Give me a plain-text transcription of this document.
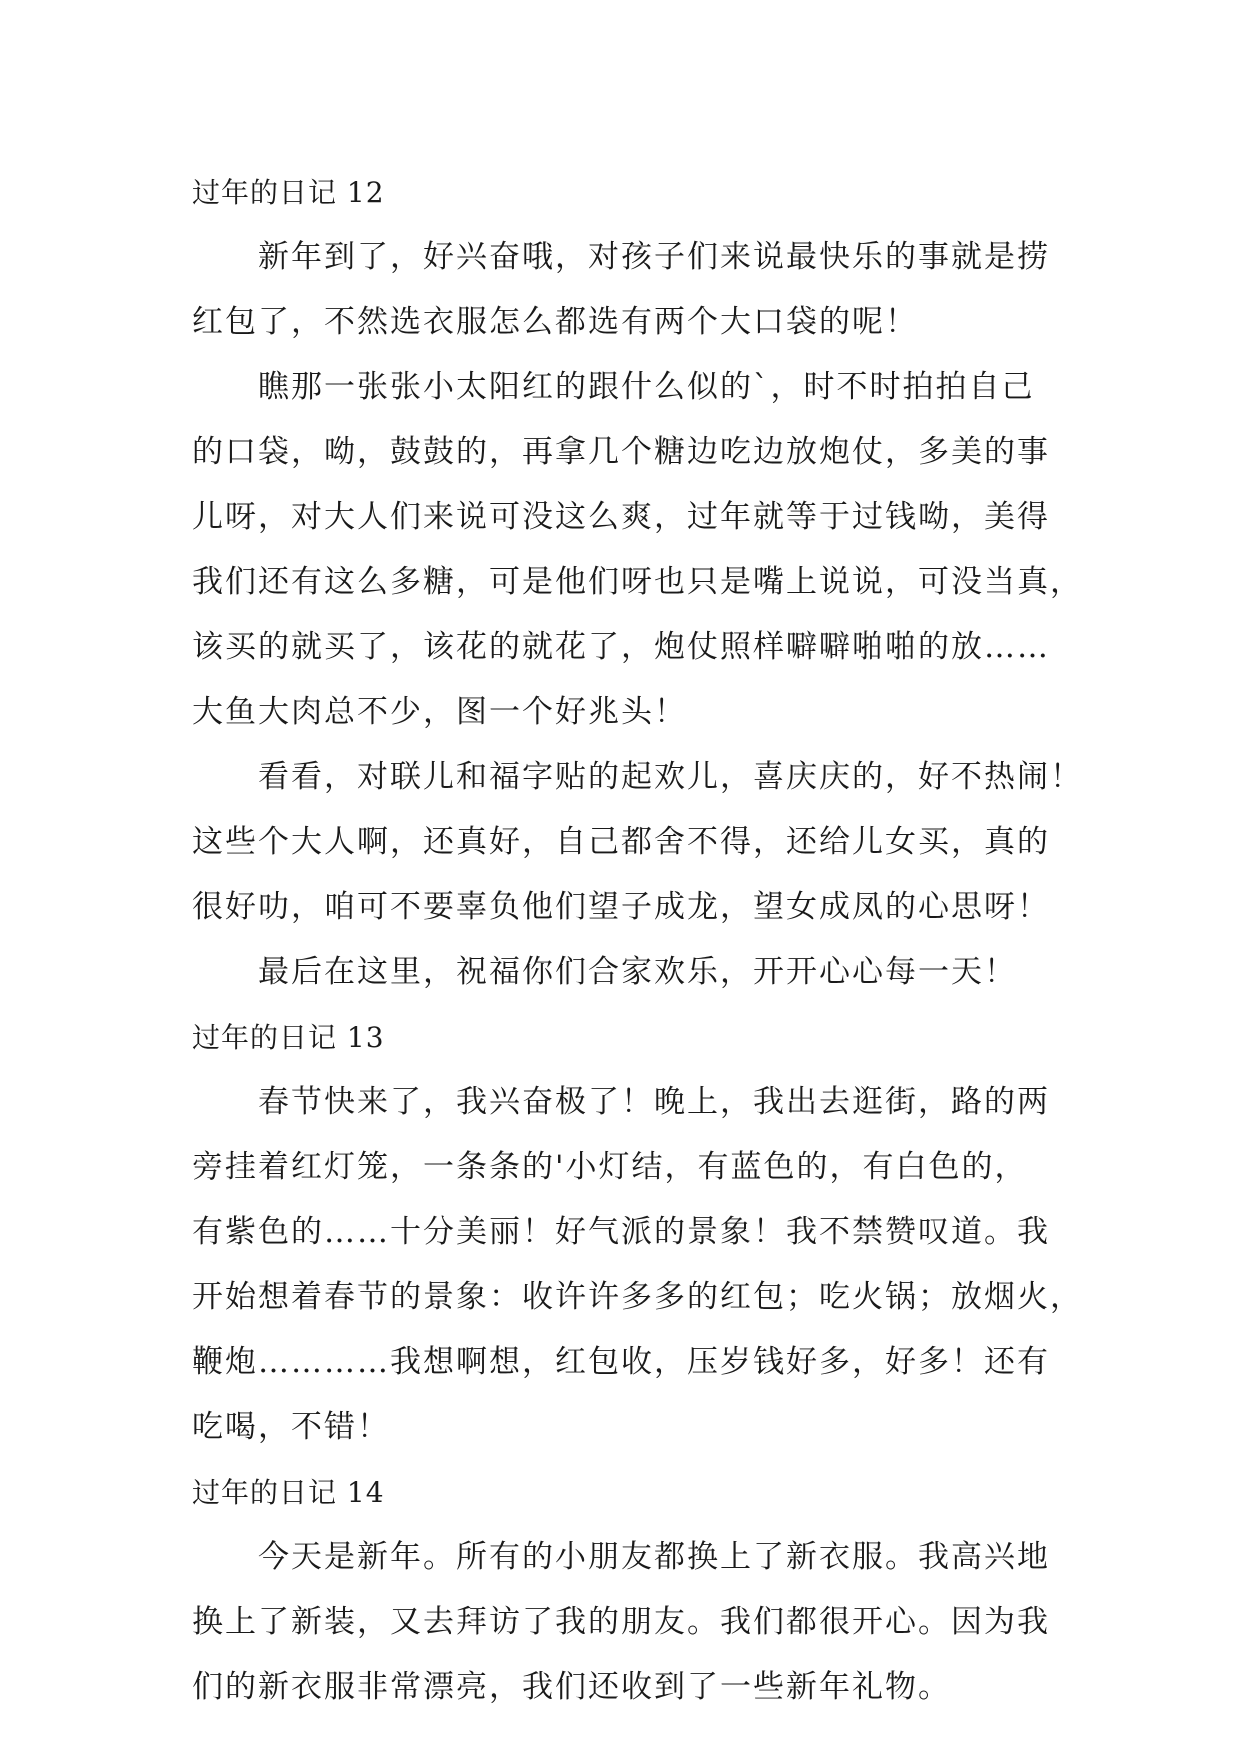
过年的日记 12
新年到了，好兴奋哦，对孩子们来说最快乐的事就是捞
红包了，不然选衣服怎么都选有两个大口袋的呢！
瞧那一张张小太阳红的跟什么似的`，时不时拍拍自己
的口袋，呦，鼓鼓的，再拿几个糖边吃边放炮仗，多美的事
儿呀，对大人们来说可没这么爽，过年就等于过钱呦，美得
我们还有这么多糖，可是他们呀也只是嘴上说说，可没当真，
该买的就买了，该花的就花了，炮仗照样噼噼啪啪的放……
大鱼大肉总不少，图一个好兆头！
看看，对联儿和福字贴的起欢儿，喜庆庆的，好不热闹！
这些个大人啊，还真好，自己都舍不得，还给儿女买，真的
很好叻，咱可不要辜负他们望子成龙，望女成凤的心思呀！
最后在这里，祝福你们合家欢乐，开开心心每一天！
过年的日记 13
春节快来了，我兴奋极了！晚上，我出去逛街，路的两
旁挂着红灯笼，一条条的'小灯结，有蓝色的，有白色的，
有紫色的……十分美丽！好气派的景象！我不禁赞叹道。我
开始想着春节的景象：收许许多多的红包；吃火锅；放烟火，
鞭炮…………我想啊想，红包收，压岁钱好多，好多！还有
吃喝，不错！
过年的日记 14
今天是新年。所有的小朋友都换上了新衣服。我高兴地
换上了新装，又去拜访了我的朋友。我们都很开心。因为我
们的新衣服非常漂亮，我们还收到了一些新年礼物。
